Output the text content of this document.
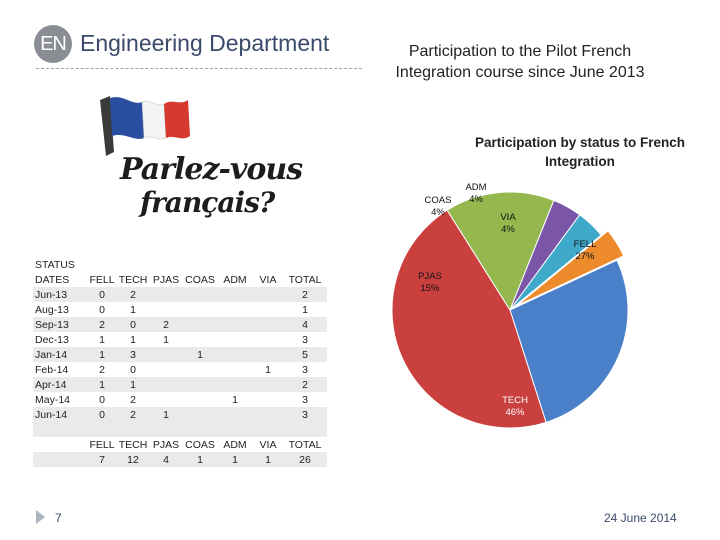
EN Engineering Department	Participation to the Pilot French
Integration course since June 2013
Parlez-vous
français?
STATUS							
DATES	FELL	TECH	PJAS	COAS	ADM	VIA	TOTAL
Jun-13	0	2					2
Aug-13	0	1					1
Sep-13	2	0	2				4
Dec-13	1	1	1				3
Jan-14	1	3		1			5
Feb-14	2	0				1	3
Apr-14	1	1					2
May-14	0	2			1		3
Jun-14	0	2	1				3

	FELL	TECH	PJAS	COAS	ADM	VIA	TOTAL
	7	12	4	1	1	1	26
Participation by status to French
Integration
FELL
27%
TECH
46%
PJAS
15%
COAS
4%
ADM
4%
VIA
4%
7	24 June 2014
